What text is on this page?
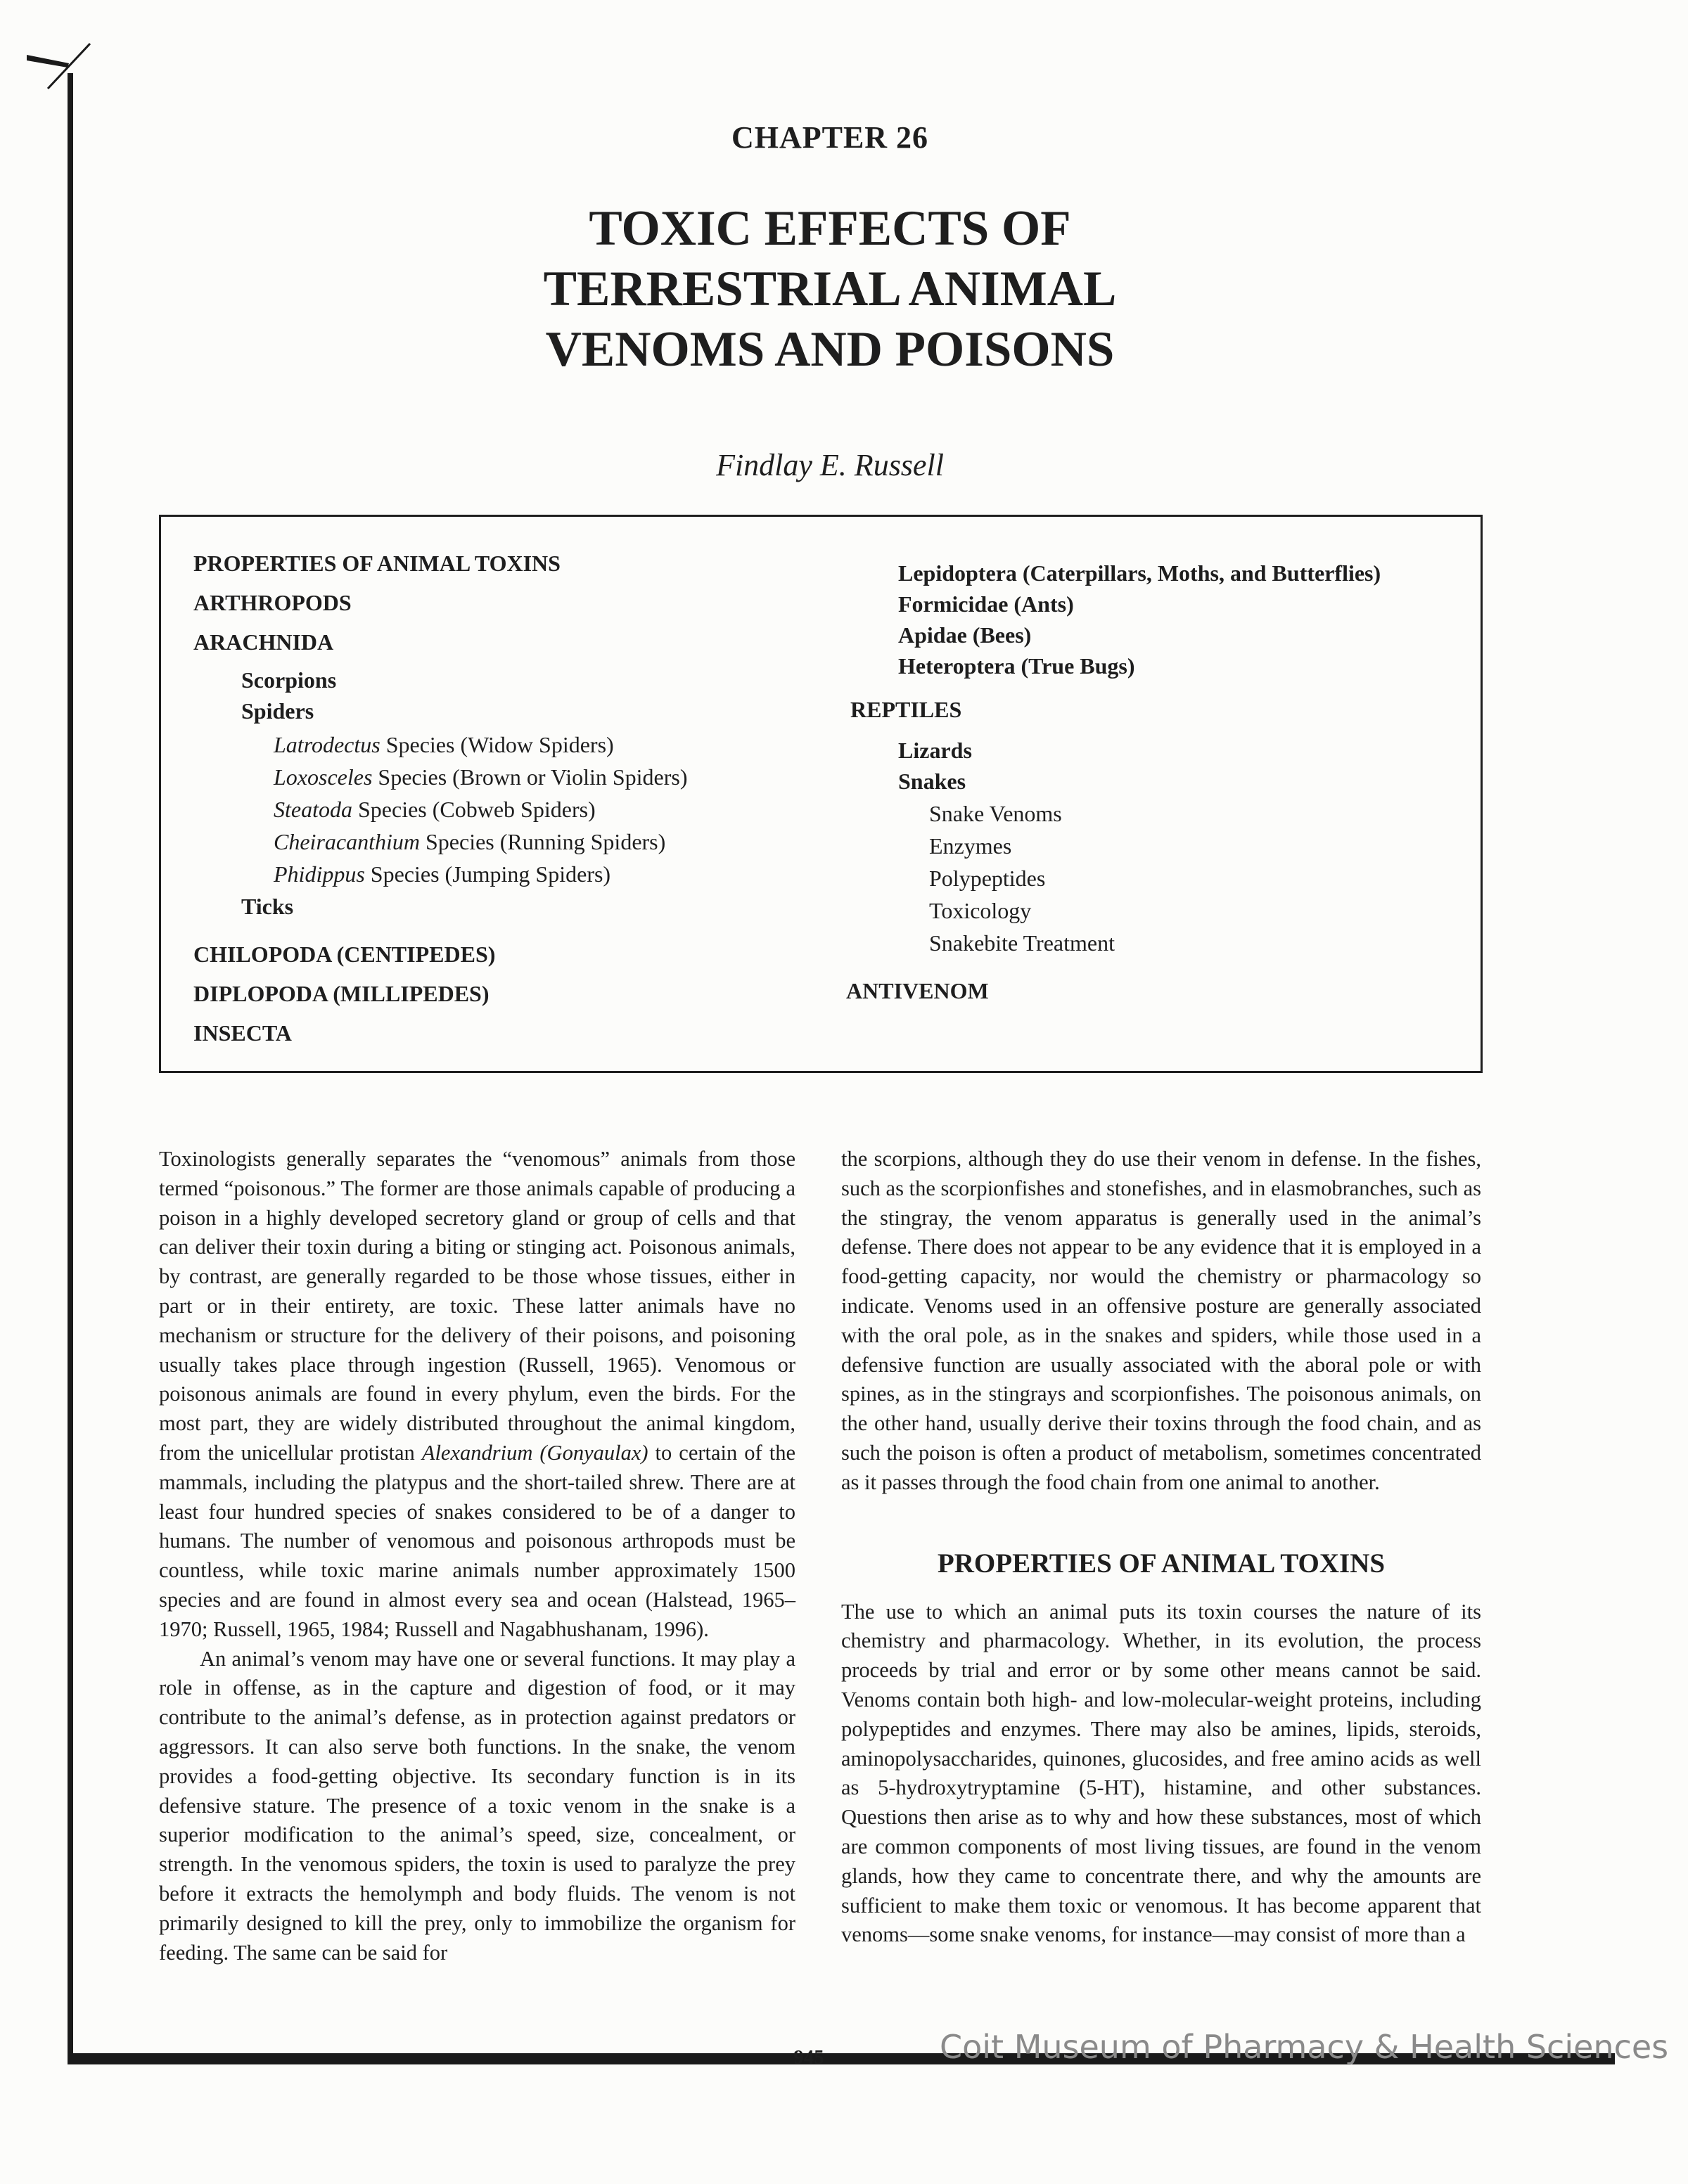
CHAPTER 26
TOXIC EFFECTS OF
TERRESTRIAL ANIMAL
VENOMS AND POISONS
Findlay E. Russell
PROPERTIES OF ANIMAL TOXINS
ARTHROPODS
ARACHNIDA
Scorpions
Spiders
Latrodectus Species (Widow Spiders)
Loxosceles Species (Brown or Violin Spiders)
Steatoda Species (Cobweb Spiders)
Cheiracanthium Species (Running Spiders)
Phidippus Species (Jumping Spiders)
Ticks
CHILOPODA (CENTIPEDES)
DIPLOPODA (MILLIPEDES)
INSECTA
Lepidoptera (Caterpillars, Moths, and Butterflies)
Formicidae (Ants)
Apidae (Bees)
Heteroptera (True Bugs)
REPTILES
Lizards
Snakes
Snake Venoms
Enzymes
Polypeptides
Toxicology
Snakebite Treatment
ANTIVENOM

Toxinologists generally separates the “venomous” animals from those termed “poisonous.” The former are those animals capable of producing a poison in a highly developed secretory gland or group of cells and that can deliver their toxin during a biting or stinging act. Poisonous animals, by contrast, are generally regarded to be those whose tissues, either in part or in their entirety, are toxic. These latter animals have no mechanism or structure for the delivery of their poisons, and poisoning usually takes place through ingestion (Russell, 1965). Venomous or poisonous animals are found in every phylum, even the birds. For the most part, they are widely distributed throughout the animal kingdom, from the unicellular protistan Alexandrium (Gonyaulax) to certain of the mammals, including the platypus and the short-tailed shrew. There are at least four hundred species of snakes considered to be of a danger to humans. The number of venomous and poisonous arthropods must be countless, while toxic marine animals number approximately 1500 species and are found in almost every sea and ocean (Halstead, 1965–1970; Russell, 1965, 1984; Russell and Nagabhushanam, 1996).

An animal’s venom may have one or several functions. It may play a role in offense, as in the capture and digestion of food, or it may contribute to the animal’s defense, as in protection against predators or aggressors. It can also serve both functions. In the snake, the venom provides a food-getting objective. Its secondary function is in its defensive stature. The presence of a toxic venom in the snake is a superior modification to the animal’s speed, size, concealment, or strength. In the venomous spiders, the toxin is used to paralyze the prey before it extracts the hemolymph and body fluids. The venom is not primarily designed to kill the prey, only to immobilize the organism for feeding. The same can be said for

the scorpions, although they do use their venom in defense. In the fishes, such as the scorpionfishes and stonefishes, and in elasmobranches, such as the stingray, the venom apparatus is generally used in the animal’s defense. There does not appear to be any evidence that it is employed in a food-getting capacity, nor would the chemistry or pharmacology so indicate. Venoms used in an offensive posture are generally associated with the oral pole, as in the snakes and spiders, while those used in a defensive function are usually associated with the aboral pole or with spines, as in the stingrays and scorpionfishes. The poisonous animals, on the other hand, usually derive their toxins through the food chain, and as such the poison is often a product of metabolism, sometimes concentrated as it passes through the food chain from one animal to another.

PROPERTIES OF ANIMAL TOXINS

The use to which an animal puts its toxin courses the nature of its chemistry and pharmacology. Whether, in its evolution, the process proceeds by trial and error or by some other means cannot be said. Venoms contain both high- and low-molecular-weight proteins, including polypeptides and enzymes. There may also be amines, lipids, steroids, aminopolysaccharides, quinones, glucosides, and free amino acids as well as 5-hydroxytryptamine (5-HT), histamine, and other substances. Questions then arise as to why and how these substances, most of which are common components of most living tissues, are found in the venom glands, how they came to concentrate there, and why the amounts are sufficient to make them toxic or venomous. It has become apparent that venoms—some snake venoms, for instance—may consist of more than a

945	Coit Museum of Pharmacy & Health Sciences
